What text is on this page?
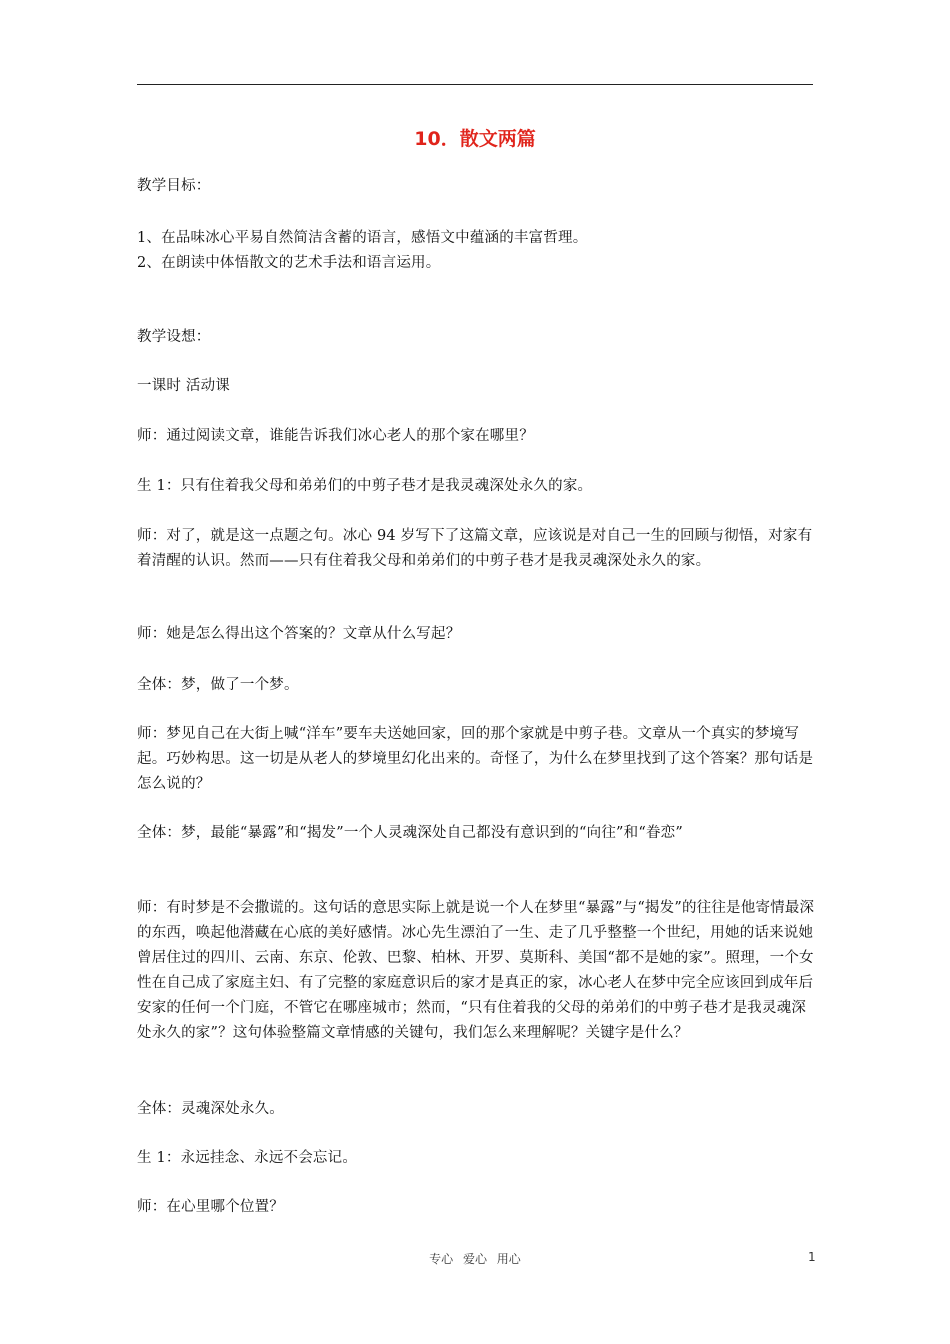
10．散文两篇
教学目标：
1、在品味冰心平易自然简洁含蓄的语言，感悟文中蕴涵的丰富哲理。
2、在朗读中体悟散文的艺术手法和语言运用。
教学设想：
一课时 活动课
师：通过阅读文章，谁能告诉我们冰心老人的那个家在哪里？
生 1：只有住着我父母和弟弟们的中剪子巷才是我灵魂深处永久的家。
师：对了，就是这一点题之句。冰心 94 岁写下了这篇文章，应该说是对自己一生的回顾与彻悟，对家有着清醒的认识。然而——只有住着我父母和弟弟们的中剪子巷才是我灵魂深处永久的家。
师：她是怎么得出这个答案的？文章从什么写起？
全体：梦，做了一个梦。
师：梦见自己在大街上喊“洋车”要车夫送她回家，回的那个家就是中剪子巷。文章从一个真实的梦境写起。巧妙构思。这一切是从老人的梦境里幻化出来的。奇怪了，为什么在梦里找到了这个答案？那句话是怎么说的？
全体：梦，最能“暴露”和“揭发”一个人灵魂深处自己都没有意识到的“向往”和“眷恋”
师：有时梦是不会撒谎的。这句话的意思实际上就是说一个人在梦里“暴露”与“揭发”的往往是他寄情最深的东西，唤起他潜藏在心底的美好感情。冰心先生漂泊了一生、走了几乎整整一个世纪，用她的话来说她曾居住过的四川、云南、东京、伦敦、巴黎、柏林、开罗、莫斯科、美国“都不是她的家”。照理，一个女性在自己成了家庭主妇、有了完整的家庭意识后的家才是真正的家，冰心老人在梦中完全应该回到成年后安家的任何一个门庭，不管它在哪座城市；然而，“只有住着我的父母的弟弟们的中剪子巷才是我灵魂深处永久的家”？这句体验整篇文章情感的关键句，我们怎么来理解呢？关键字是什么？
全体：灵魂深处永久。
生 1：永远挂念、永远不会忘记。
师：在心里哪个位置？
专心 爱心 用心	1
